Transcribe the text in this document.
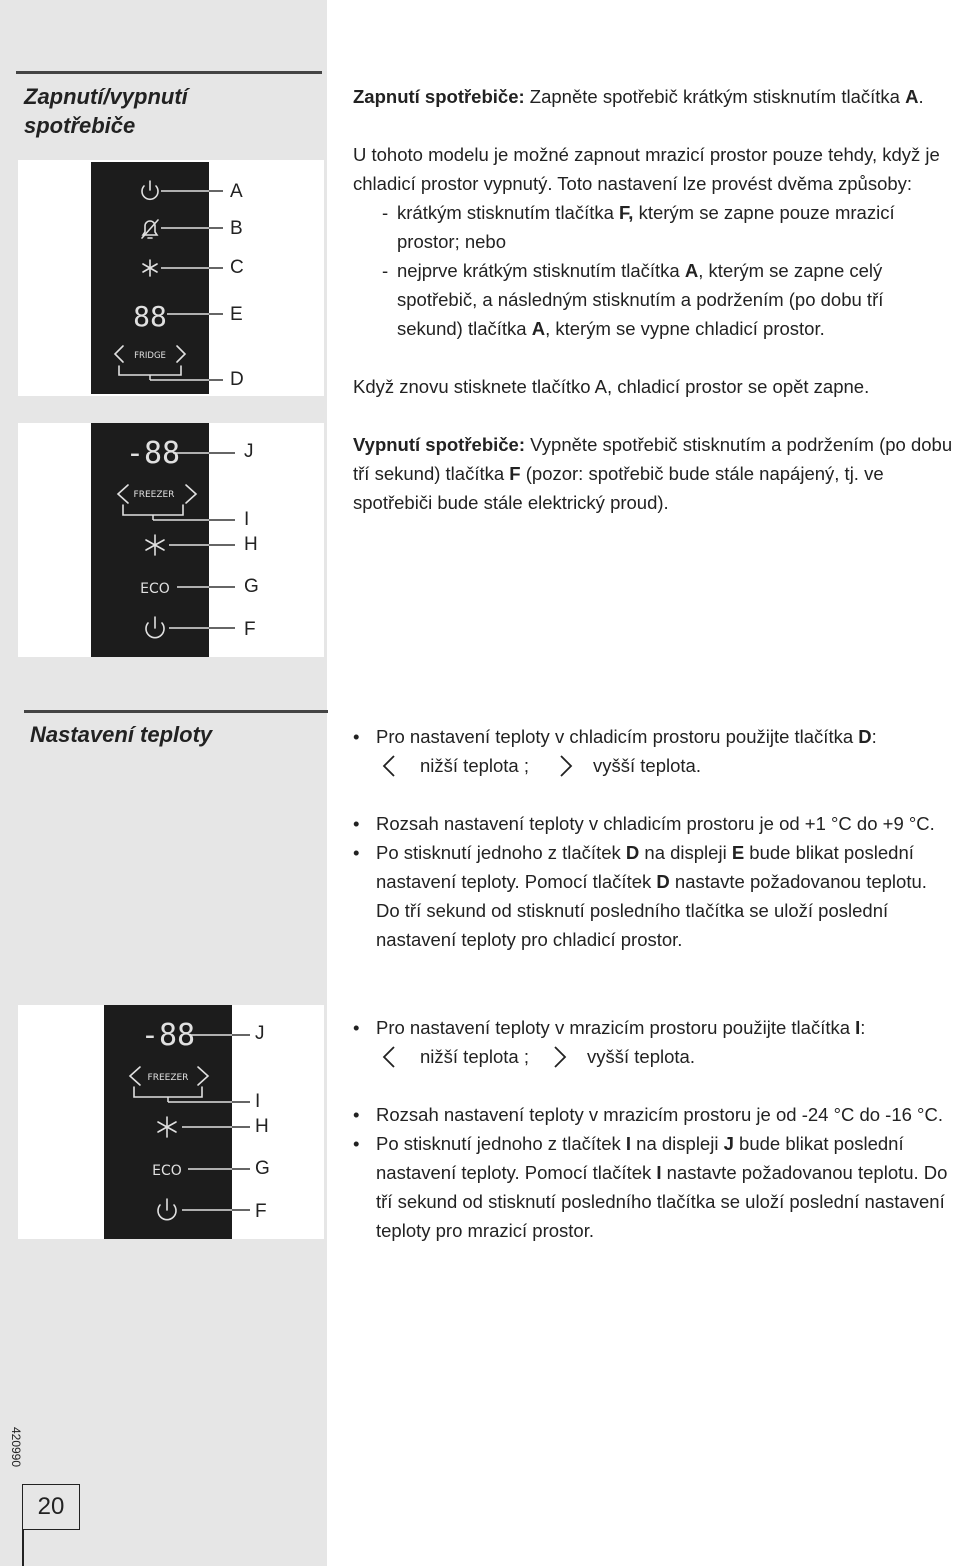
Zapnutí/vypnutí
spotřebiče
88
FRIDGE
A
B
C
E
D
-88
FREEZER
ECO
J
I
H
G
F

Zapnutí spotřebiče: Zapněte spotřebič krátkým stisknutím tlačítka A.

U tohoto modelu je možné zapnout mrazicí prostor pouze tehdy, když je chladicí prostor vypnutý. Toto nastavení lze provést dvěma způsoby:

- krátkým stisknutím tlačítka F, kterým se zapne pouze mrazicí prostor; nebo
- nejprve krátkým stisknutím tlačítka A, kterým se zapne celý spotřebič, a následným stisknutím a podržením (po dobu tří sekund) tlačítka A, kterým se vypne chladicí prostor.

Když znovu stisknete tlačítko A, chladicí prostor se opět zapne.

Vypnutí spotřebiče: Vypněte spotřebič stisknutím a podržením (po dobu tří sekund) tlačítka F (pozor: spotřebič bude stále napájený, tj. ve spotřebiči bude stále elektrický proud).

Nastavení teploty	• Pro nastavení teploty v chladicím prostoru použijte tlačítka D:
nižší teplota ;	vyšší teplota.
• Rozsah nastavení teploty v chladicím prostoru je od +1 °C do +9 °C.
• Po stisknutí jednoho z tlačítek D na displeji E bude blikat poslední nastavení teploty. Pomocí tlačítek D nastavte požadovanou teplotu. Do tří sekund od stisknutí posledního tlačítka se uloží poslední nastavení teploty pro chladicí prostor.
-88
FREEZER
ECO
J
I
H
G
F
• Pro nastavení teploty v mrazicím prostoru použijte tlačítka I:
nižší teplota ;	vyšší teplota.
• Rozsah nastavení teploty v mrazicím prostoru je od -24 °C do -16 °C.
• Po stisknutí jednoho z tlačítek I na displeji J bude blikat poslední nastavení teploty. Pomocí tlačítek I nastavte požadovanou teplotu. Do tří sekund od stisknutí posledního tlačítka se uloží poslední nastavení teploty pro mrazicí prostor.
420990
20
